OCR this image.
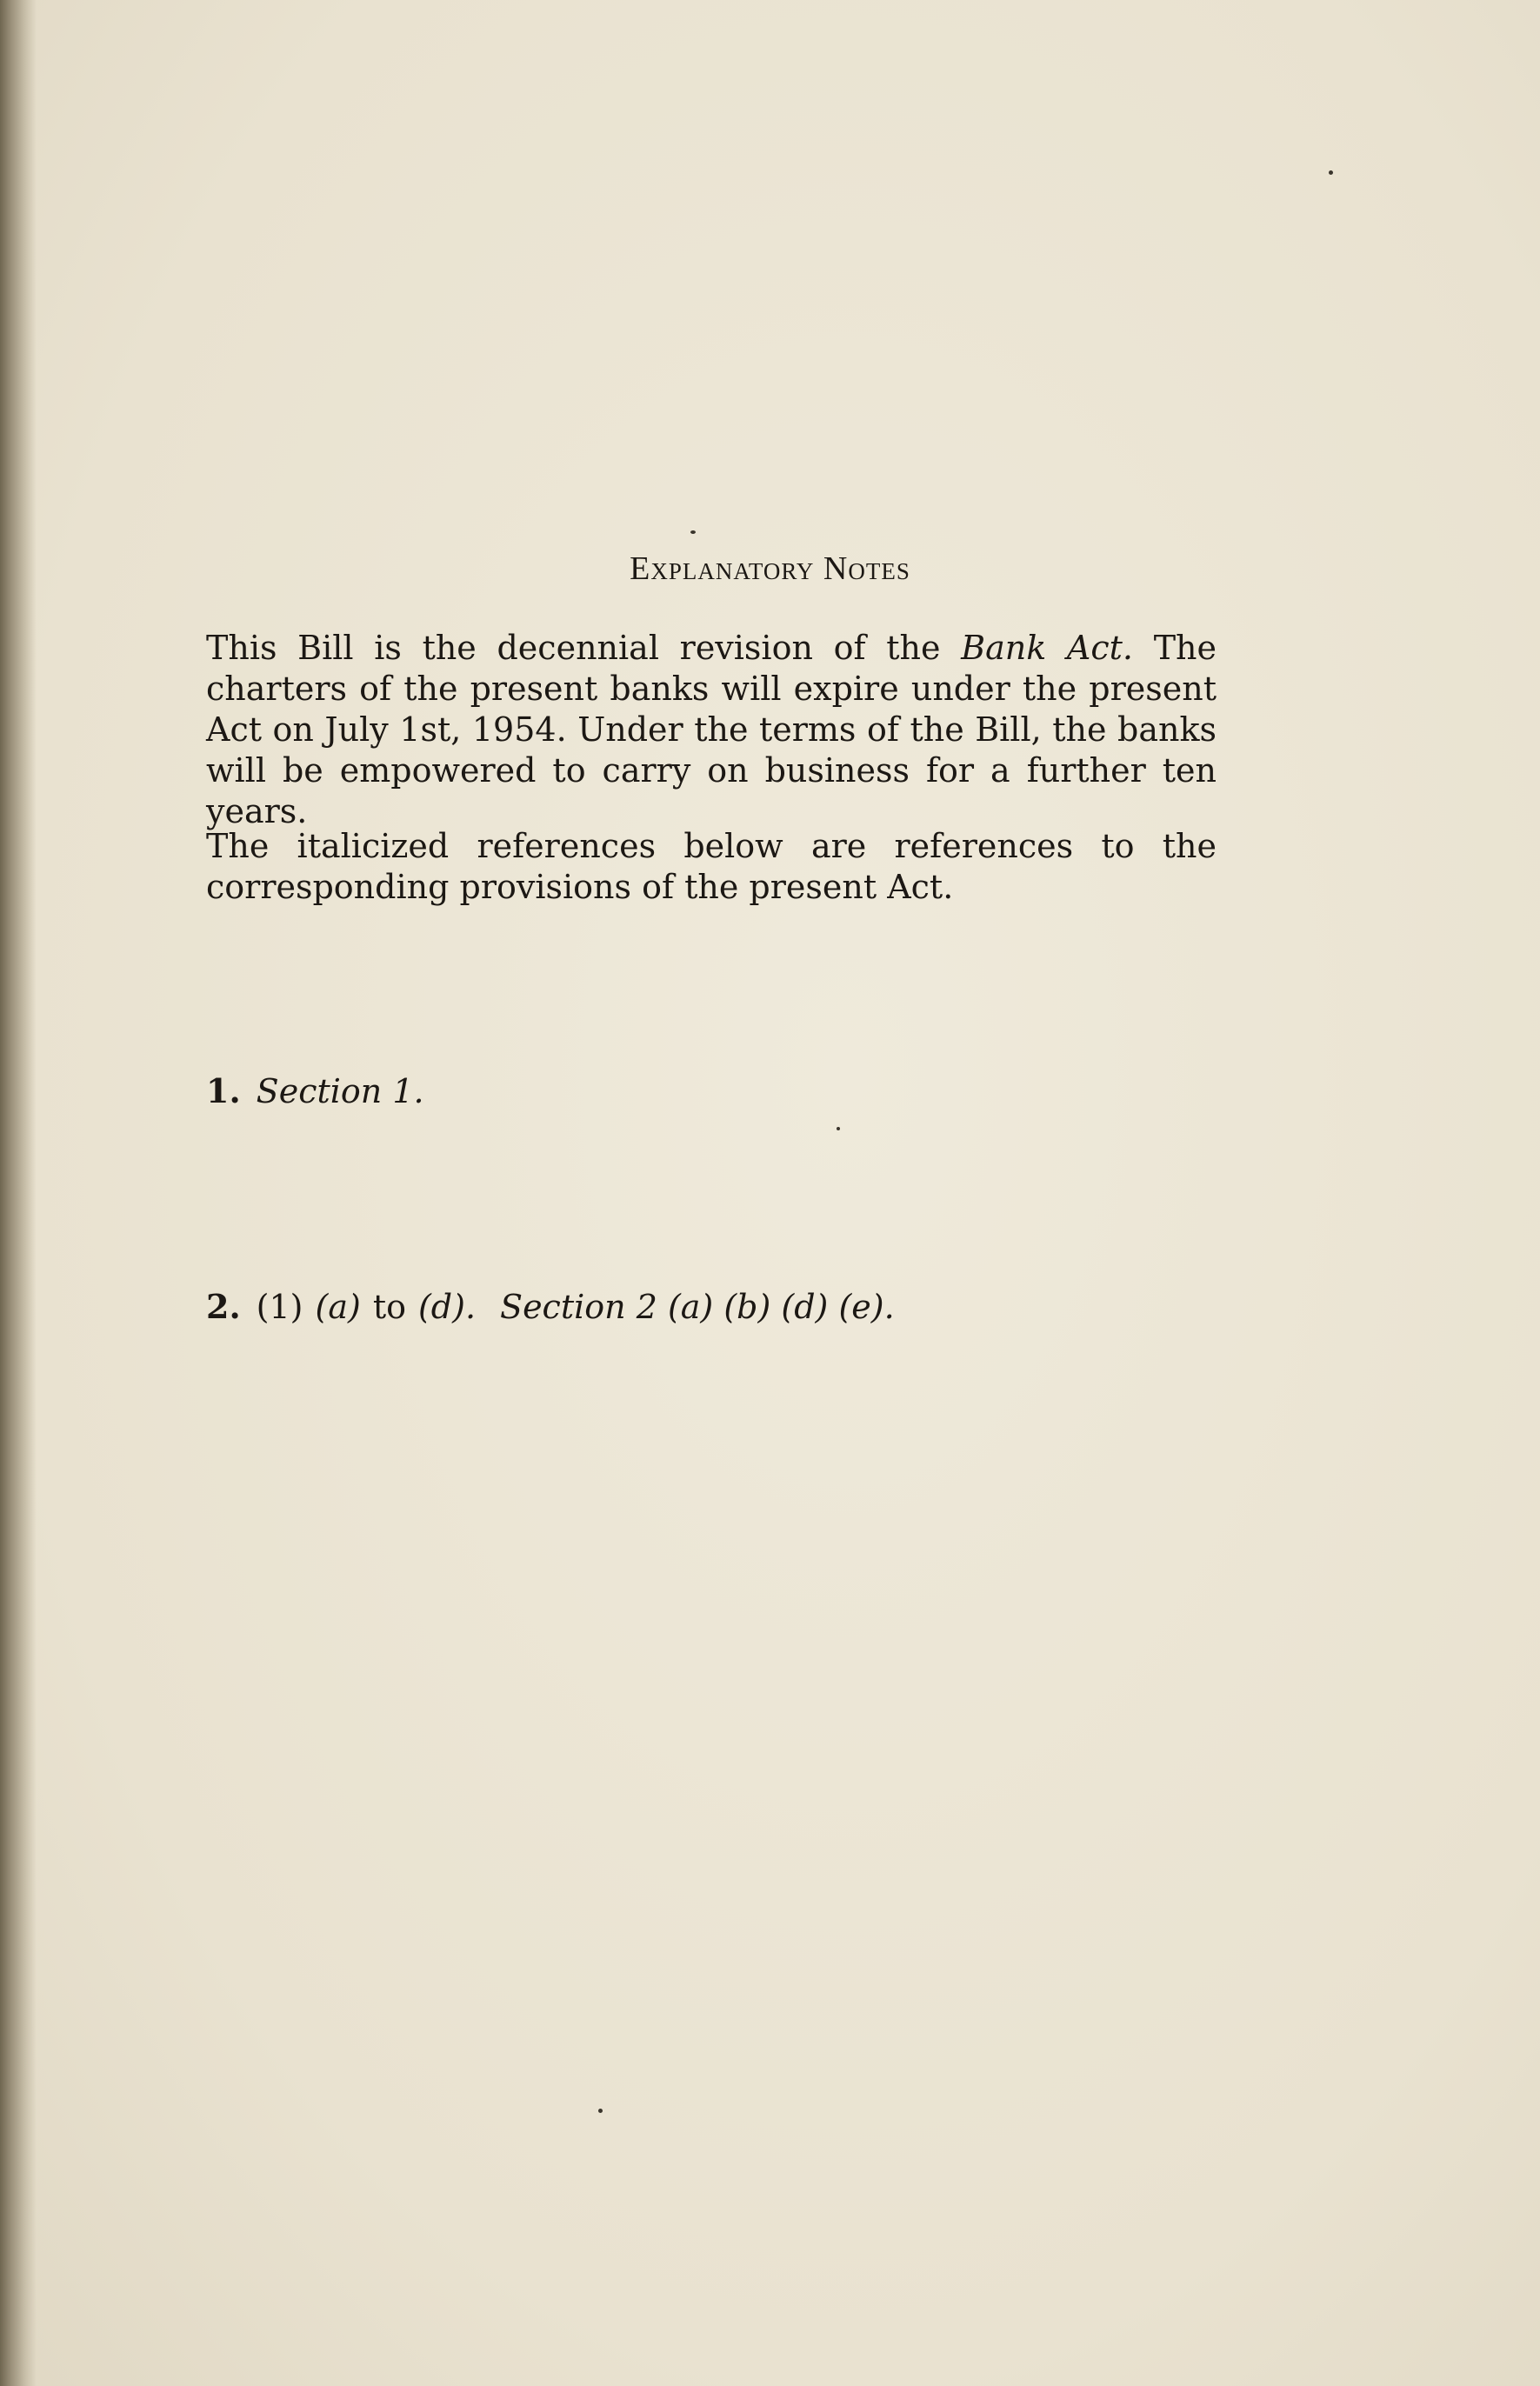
Explanatory Notes
This Bill is the decennial revision of the Bank Act. The charters of the present banks will expire under the present Act on July 1st, 1954. Under the terms of the Bill, the banks will be empowered to carry on business for a further ten years.
The italicized references below are references to the corresponding provisions of the present Act.
1. Section 1.
2. (1) (a) to (d). Section 2 (a) (b) (d) (e).
